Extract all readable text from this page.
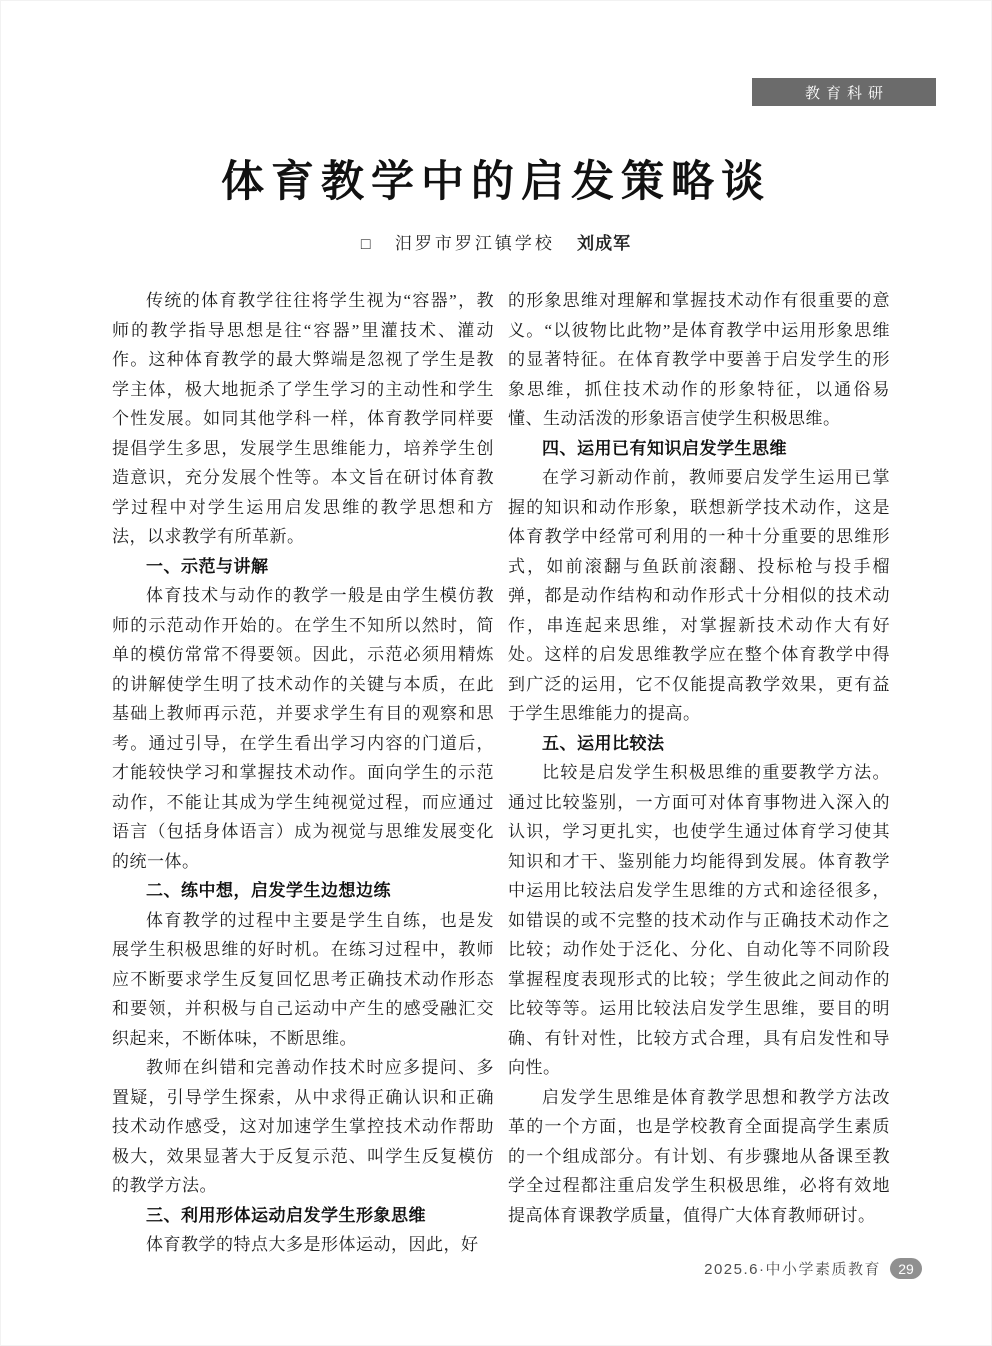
教育科研
体育教学中的启发策略谈
□ 汨罗市罗江镇学校 刘成军

传统的体育教学往往将学生视为“容器”，教师的教学指导思想是往“容器”里灌技术、灌动作。这种体育教学的最大弊端是忽视了学生是教学主体，极大地扼杀了学生学习的主动性和学生个性发展。如同其他学科一样，体育教学同样要提倡学生多思，发展学生思维能力，培养学生创造意识，充分发展个性等。本文旨在研讨体育教学过程中对学生运用启发思维的教学思想和方法，以求教学有所革新。

一、示范与讲解

体育技术与动作的教学一般是由学生模仿教师的示范动作开始的。在学生不知所以然时，简单的模仿常常不得要领。因此，示范必须用精炼的讲解使学生明了技术动作的关键与本质，在此基础上教师再示范，并要求学生有目的观察和思考。通过引导，在学生看出学习内容的门道后，才能较快学习和掌握技术动作。面向学生的示范动作，不能让其成为学生纯视觉过程，而应通过语言（包括身体语言）成为视觉与思维发展变化的统一体。

二、练中想，启发学生边想边练

体育教学的过程中主要是学生自练，也是发展学生积极思维的好时机。在练习过程中，教师应不断要求学生反复回忆思考正确技术动作形态和要领，并积极与自己运动中产生的感受融汇交织起来，不断体味，不断思维。

教师在纠错和完善动作技术时应多提问、多置疑，引导学生探索，从中求得正确认识和正确技术动作感受，这对加速学生掌控技术动作帮助极大，效果显著大于反复示范、叫学生反复模仿的教学方法。

三、利用形体运动启发学生形象思维

体育教学的特点大多是形体运动，因此，好

的形象思维对理解和掌握技术动作有很重要的意义。“以彼物比此物”是体育教学中运用形象思维的显著特征。在体育教学中要善于启发学生的形象思维，抓住技术动作的形象特征，以通俗易懂、生动活泼的形象语言使学生积极思维。

四、运用已有知识启发学生思维

在学习新动作前，教师要启发学生运用已掌握的知识和动作形象，联想新学技术动作，这是体育教学中经常可利用的一种十分重要的思维形式，如前滚翻与鱼跃前滚翻、投标枪与投手榴弹，都是动作结构和动作形式十分相似的技术动作，串连起来思维，对掌握新技术动作大有好处。这样的启发思维教学应在整个体育教学中得到广泛的运用，它不仅能提高教学效果，更有益于学生思维能力的提高。

五、运用比较法

比较是启发学生积极思维的重要教学方法。通过比较鉴别，一方面可对体育事物进入深入的认识，学习更扎实，也使学生通过体育学习使其知识和才干、鉴别能力均能得到发展。体育教学中运用比较法启发学生思维的方式和途径很多，如错误的或不完整的技术动作与正确技术动作之比较；动作处于泛化、分化、自动化等不同阶段掌握程度表现形式的比较；学生彼此之间动作的比较等等。运用比较法启发学生思维，要目的明确、有针对性，比较方式合理，具有启发性和导向性。

启发学生思维是体育教学思想和教学方法改革的一个方面，也是学校教育全面提高学生素质的一个组成部分。有计划、有步骤地从备课至教学全过程都注重启发学生积极思维，必将有效地提高体育课教学质量，值得广大体育教师研讨。

2025.6·中小学素质教育	29
